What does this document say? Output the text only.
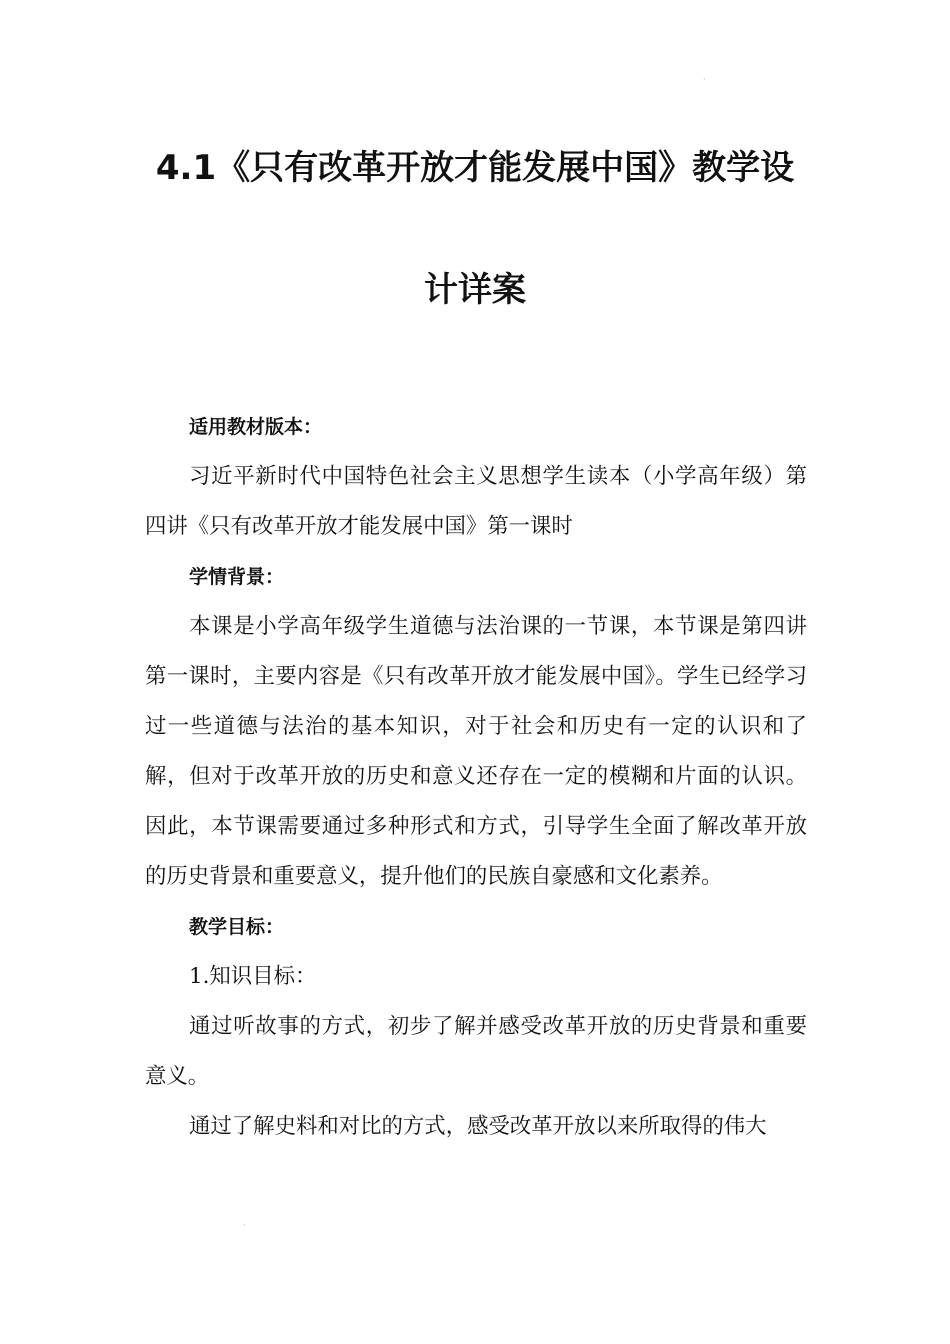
·
4.1《只有改革开放才能发展中国》教学设
计详案

适用教材版本：

习近平新时代中国特色社会主义思想学生读本（小学高年级）第四讲《只有改革开放才能发展中国》第一课时

学情背景：

本课是小学高年级学生道德与法治课的一节课，本节课是第四讲第一课时，主要内容是《只有改革开放才能发展中国》。学生已经学习过一些道德与法治的基本知识，对于社会和历史有一定的认识和了解，但对于改革开放的历史和意义还存在一定的模糊和片面的认识。因此，本节课需要通过多种形式和方式，引导学生全面了解改革开放的历史背景和重要意义，提升他们的民族自豪感和文化素养。

教学目标：

1.知识目标：

通过听故事的方式，初步了解并感受改革开放的历史背景和重要意义。

通过了解史料和对比的方式，感受改革开放以来所取得的伟大

·
